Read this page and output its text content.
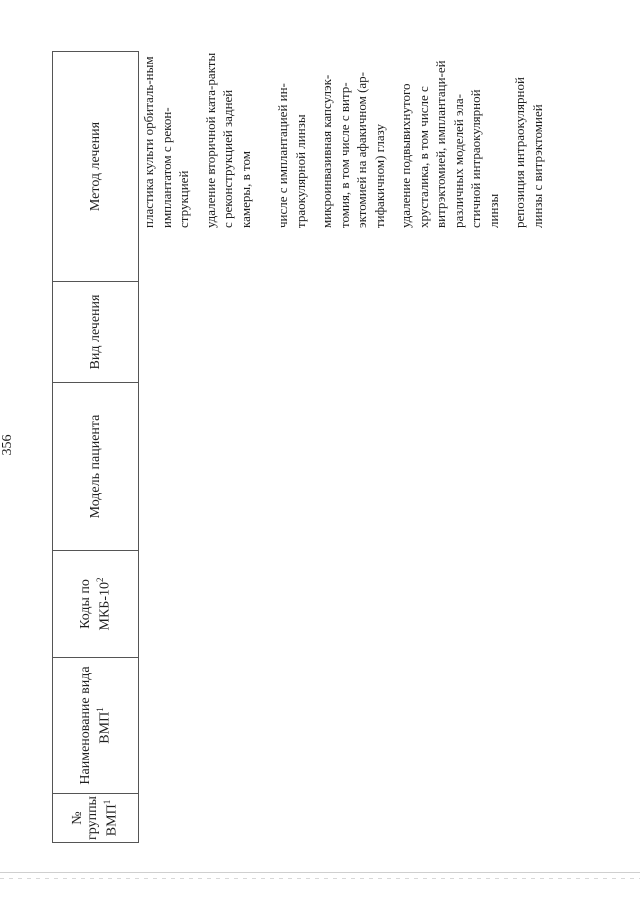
356
№ группы ВМП$^1$
Наименование вида ВМП$^1$
Коды по МКБ-$10^2$
Модель пациента
Вид лечения
Метод лечения	пластика культи орбиталь-ным имплантатом с рекон-струкцией удаление вторичной ката-ракты с реконструкцией задней камеры, в том числе с имплантацией ин-траокулярной линзы микроинвазивная капсулэк-томия, в том числе с витр-эктомией на афакичном (ар-тифакичном) глазу удаление подвывихнутого хрусталика, в том числе с витрэктомией, имплантаци-ей различных моделей эла-стичной интраокулярной линзы репозиция интраокулярной линзы с витрэктомией
